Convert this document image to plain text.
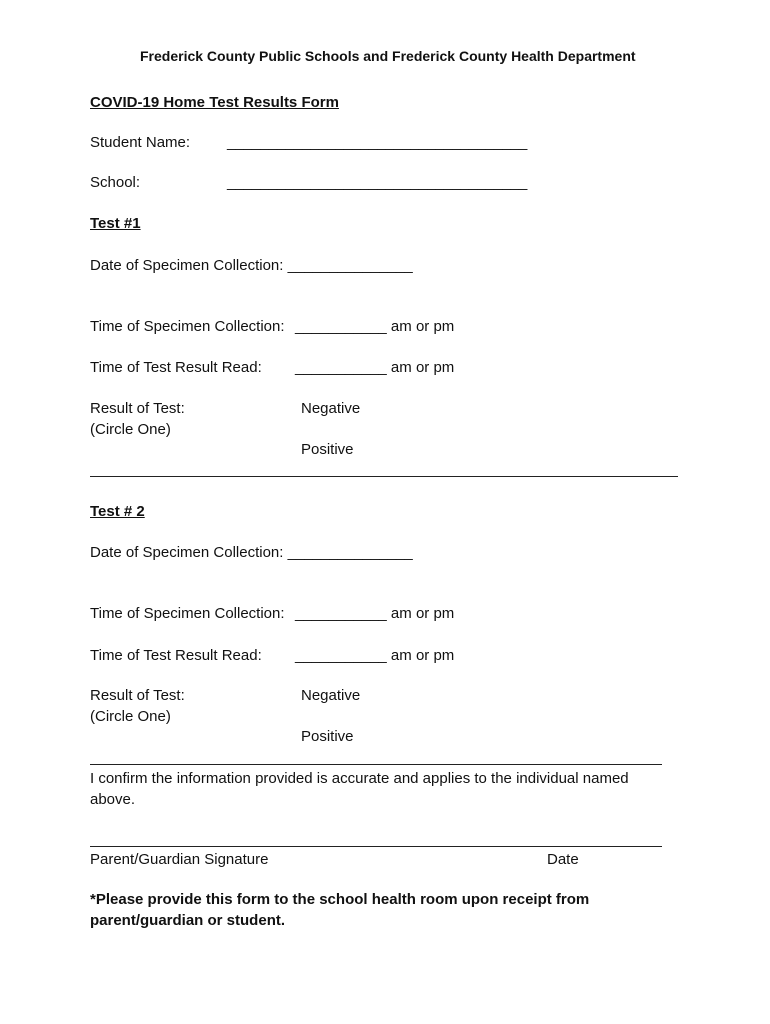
Frederick County Public Schools and Frederick County Health Department
COVID-19 Home Test Results Form
Student Name: ____________________________________
School:	____________________________________
Test #1
Date of Specimen Collection: _______________
Time of Specimen Collection: ___________ am or pm
Time of Test Result Read: ___________ am or pm
Result of Test:
(Circle One)
Negative
Positive
Test # 2
Date of Specimen Collection: _______________
Time of Specimen Collection: ___________ am or pm
Time of Test Result Read: ___________ am or pm
Result of Test:
(Circle One)
Negative
Positive
I confirm the information provided is accurate and applies to the individual named
above.
Parent/Guardian Signature	Date
*Please provide this form to the school health room upon receipt from
parent/guardian or student.
